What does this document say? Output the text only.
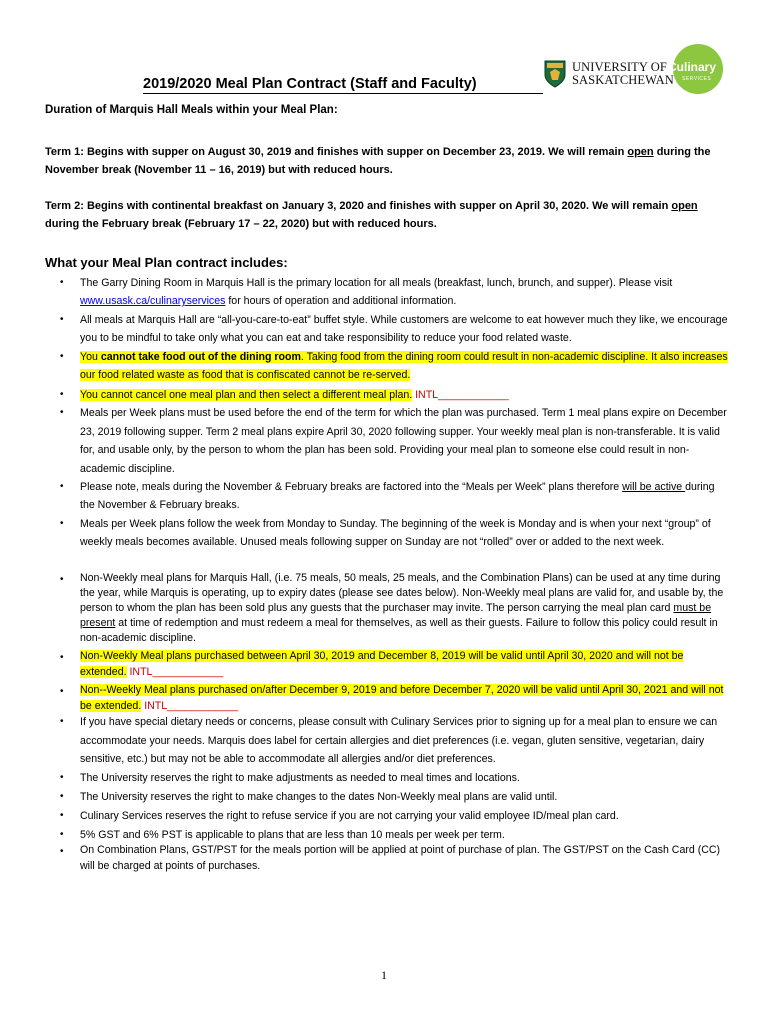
UNIVERSITY OF
SASKATCHEWAN
Culinary
SERVICES
2019/2020 Meal Plan Contract (Staff and Faculty)
Duration of Marquis Hall Meals within your Meal Plan:
Term 1: Begins with supper on August 30, 2019 and finishes with supper on December 23, 2019. We will remain open during the November break (November 11 – 16, 2019) but with reduced hours.
Term 2: Begins with continental breakfast on January 3, 2020 and finishes with supper on April 30, 2020. We will remain open during the February break (February 17 – 22, 2020) but with reduced hours.
What your Meal Plan contract includes:
• The Garry Dining Room in Marquis Hall is the primary location for all meals (breakfast, lunch, brunch, and supper). Please visit www.usask.ca/culinaryservices for hours of operation and additional information.
• All meals at Marquis Hall are “all-you-care-to-eat” buffet style. While customers are welcome to eat however much they like, we encourage you to be mindful to take only what you can eat and take responsibility to reduce your food related waste.
• You cannot take food out of the dining room. Taking food from the dining room could result in non-academic discipline. It also increases our food related waste as food that is confiscated cannot be re-served.
• You cannot cancel one meal plan and then select a different meal plan. INTL____________
• Meals per Week plans must be used before the end of the term for which the plan was purchased. Term 1 meal plans expire on December 23, 2019 following supper. Term 2 meal plans expire April 30, 2020 following supper. Your weekly meal plan is non-transferable. It is valid for, and usable only, by the person to whom the plan has been sold. Providing your meal plan to someone else could result in non-academic discipline.
• Please note, meals during the November & February breaks are factored into the “Meals per Week” plans therefore will be active during the November & February breaks.
• Meals per Week plans follow the week from Monday to Sunday. The beginning of the week is Monday and is when your next “group” of weekly meals becomes available. Unused meals following supper on Sunday are not “rolled” over or added to the next week.
• Non-Weekly meal plans for Marquis Hall, (i.e. 75 meals, 50 meals, 25 meals, and the Combination Plans) can be used at any time during the year, while Marquis is operating, up to expiry dates (please see dates below). Non-Weekly meal plans are valid for, and usable by, the person to whom the plan has been sold plus any guests that the purchaser may invite. The person carrying the meal plan card must be present at time of redemption and must redeem a meal for themselves, as well as their guests. Failure to follow this policy could result in non-academic discipline.
• Non-Weekly Meal plans purchased between April 30, 2019 and December 8, 2019 will be valid until April 30, 2020 and will not be extended. INTL____________
• Non--Weekly Meal plans purchased on/after December 9, 2019 and before December 7, 2020 will be valid until April 30, 2021 and will not be extended. INTL____________
• If you have special dietary needs or concerns, please consult with Culinary Services prior to signing up for a meal plan to ensure we can accommodate your needs. Marquis does label for certain allergies and diet preferences (i.e. vegan, gluten sensitive, vegetarian, dairy sensitive, etc.) but may not be able to accommodate all allergies and/or diet preferences.
• The University reserves the right to make adjustments as needed to meal times and locations.
• The University reserves the right to make changes to the dates Non-Weekly meal plans are valid until.
• Culinary Services reserves the right to refuse service if you are not carrying your valid employee ID/meal plan card.
• 5% GST and 6% PST is applicable to plans that are less than 10 meals per week per term.
• On Combination Plans, GST/PST for the meals portion will be applied at point of purchase of plan. The GST/PST on the Cash Card (CC) will be charged at points of purchases.
1
